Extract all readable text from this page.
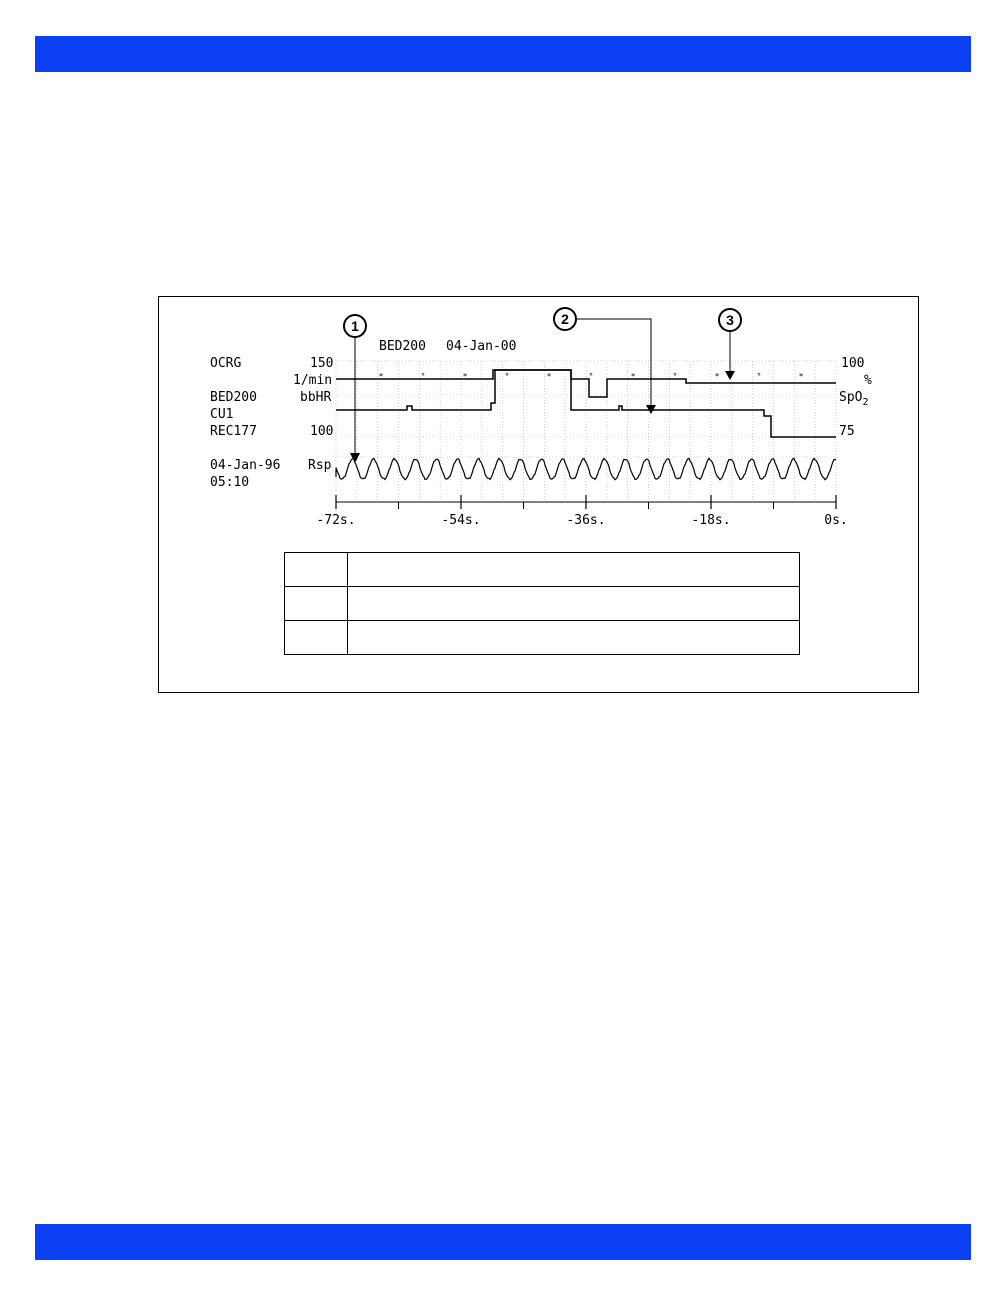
BED200 04-Jan-00
OCRG	150
1/min
BED200	bbHR
CU1
REC177	100
04-Jan-96 Rsp
05:10
100
%
SpO$_2$
75
*	°	*	°	*	°	*	°	*	°	*
-72s.	-54s.	-36s.	-18s.	0s.
1	2	3
